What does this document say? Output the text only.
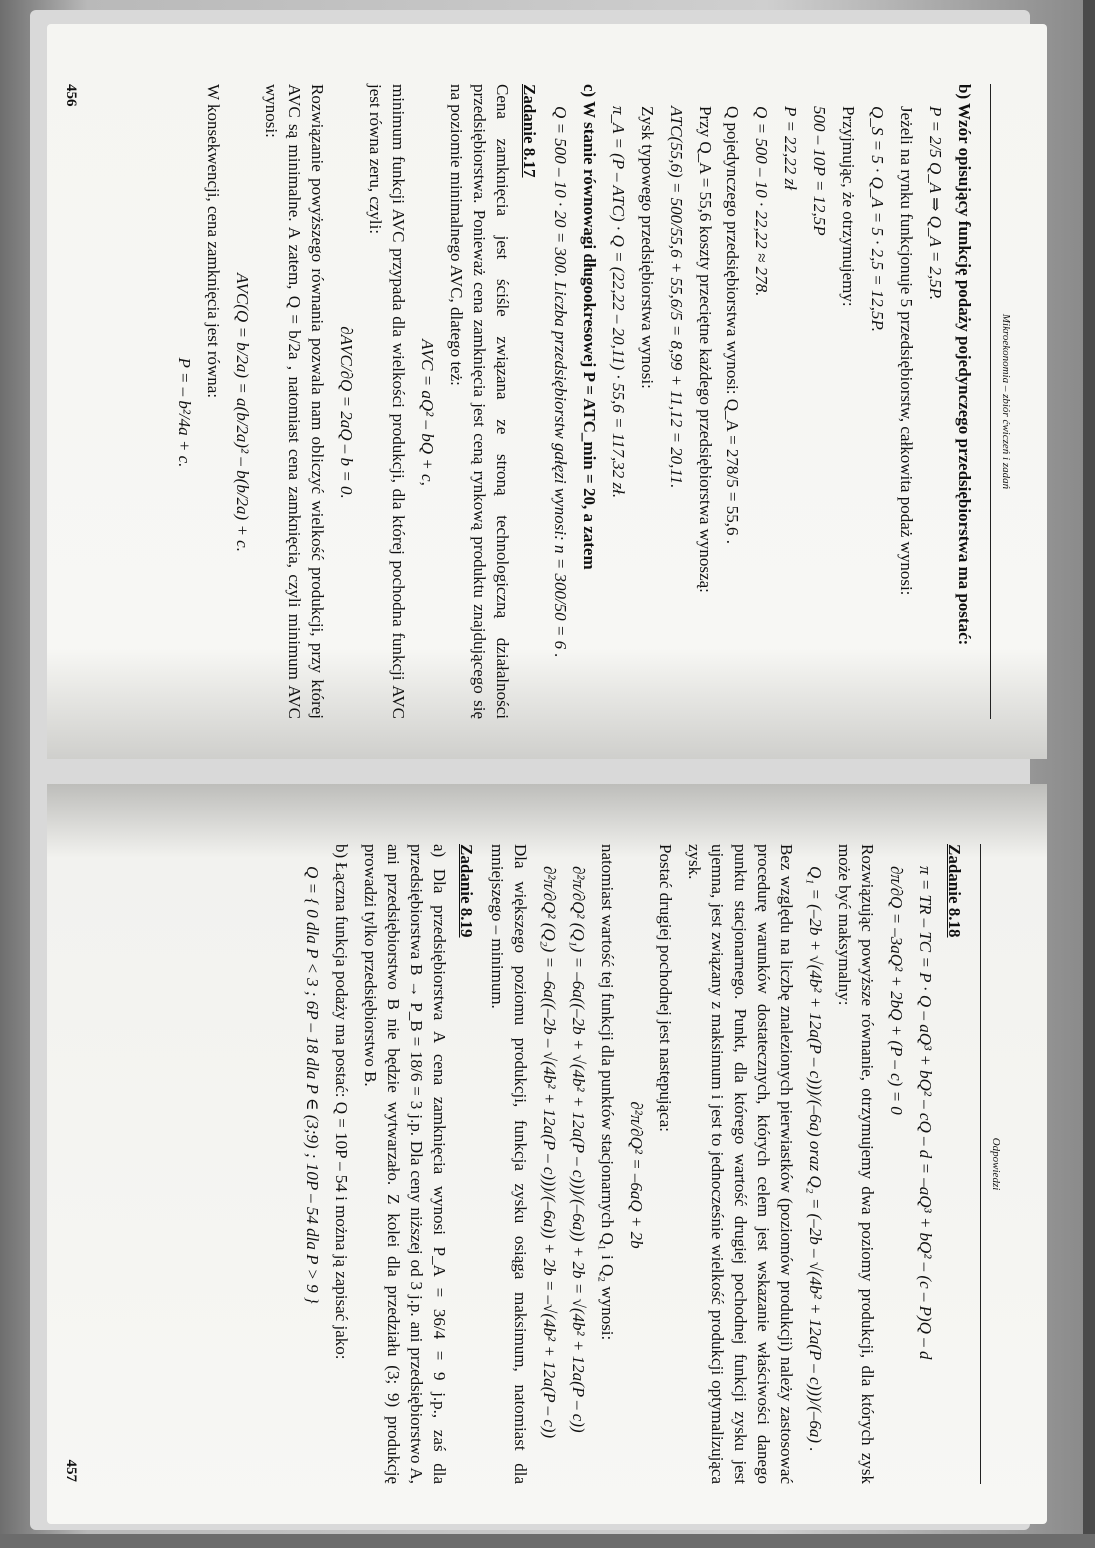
Mikroekonomia – zbiór ćwiczeń i zadań
b) Wzór opisujący funkcję podaży pojedynczego przedsiębiorstwa ma postać:
P = 2/5 Q_A ⇒ Q_A = 2,5P.
Jeżeli na rynku funkcjonuje 5 przedsiębiorstw, całkowita podaż wynosi:
Q_S = 5 · Q_A = 5 · 2,5 = 12,5P.
Przyjmując, że otrzymujemy:
500 – 10P = 12,5P
P = 22,22 zł
Q = 500 – 10 · 22,22 ≈ 278.
Q pojedynczego przedsiębiorstwa wynosi: Q_A = 278/5 = 55,6 .
Przy Q_A = 55,6 koszty przeciętne każdego przedsiębiorstwa wynoszą:
ATC(55,6) = 500/55,6 + 55,6/5 = 8,99 + 11,12 = 20,11.
Zysk typowego przedsiębiorstwa wynosi:
π_A = (P – ATC) · Q = (22,22 – 20,11) · 55,6 = 117,32 zł.
c) W stanie równowagi długookresowej P = ATC_min = 20, a zatem
Q = 500 – 10 · 20 = 300. Liczba przedsiębiorstw gałęzi wynosi: n = 300/50 = 6 .
Zadanie 8.17
Cena zamknięcia jest ściśle związana ze stroną technologiczną działalności przedsiębiorstwa. Ponieważ cena zamknięcia jest ceną rynkową produktu znajdującego się na poziomie minimalnego AVC, dlatego też:
AVC = aQ² – bQ + c,
minimum funkcji AVC przypada dla wielkości produkcji, dla której pochodna funkcji AVC jest równa zeru, czyli:
∂AVC/∂Q = 2aQ – b = 0.
Rozwiązanie powyższego równania pozwala nam obliczyć wielkość produkcji, przy której AVC są minimalne. A zatem, Q = b/2a , natomiast cena zamknięcia, czyli minimum AVC wynosi:
AVC(Q = b/2a) = a(b/2a)² – b(b/2a) + c.
W konsekwencji, cena zamknięcia jest równa:
P = – b²/4a + c.
456
Odpowiedzi
Zadanie 8.18
π = TR – TC = P · Q – aQ³ + bQ² – cQ – d = –aQ³ + bQ² – (c – P)Q – d
∂π/∂Q = –3aQ² + 2bQ + (P – c) = 0
Rozwiązując powyższe równanie, otrzymujemy dwa poziomy produkcji, dla których zysk może być maksymalny:
Q₁ = (–2b + √(4b² + 12a(P – c)))/(–6a) oraz Q₂ = (–2b – √(4b² + 12a(P – c)))/(–6a) .
Bez względu na liczbę znalezionych pierwiastków (poziomów produkcji) należy zastosować procedurę warunków dostatecznych, których celem jest wskazanie właściwości danego punktu stacjonarnego. Punkt, dla którego wartość drugiej pochodnej funkcji zysku jest ujemna, jest związany z maksimum i jest to jednocześnie wielkość produkcji optymalizująca zysk.
Postać drugiej pochodnej jest następująca:
∂²π/∂Q² = –6aQ + 2b
natomiast wartość tej funkcji dla punktów stacjonarnych Q₁ i Q₂ wynosi:
∂²π/∂Q² (Q₁) = –6a((–2b + √(4b² + 12a(P – c)))/(–6a)) + 2b = √(4b² + 12a(P – c))
∂²π/∂Q² (Q₂) = –6a((–2b – √(4b² + 12a(P – c)))/(–6a)) + 2b = –√(4b² + 12a(P – c))
Dla większego poziomu produkcji, funkcja zysku osiąga maksimum, natomiast dla mniejszego – minimum.
Zadanie 8.19
a) Dla przedsiębiorstwa A cena zamknięcia wynosi P_A = 36/4 = 9 j.p., zaś dla przedsiębiorstwa B → P_B = 18/6 = 3 j.p. Dla ceny niższej od 3 j.p. ani przedsiębiorstwo A, ani przedsiębiorstwo B nie będzie wytwarzało. Z kolei dla przedziału (3; 9) produkcję prowadzi tylko przedsiębiorstwo B.
b) Łączna funkcja podaży ma postać: Q = 10P – 54 i można ją zapisać jako:
Q = { 0 dla P < 3 ; 6P – 18 dla P ∈ (3;9) ; 10P – 54 dla P > 9 }
457
